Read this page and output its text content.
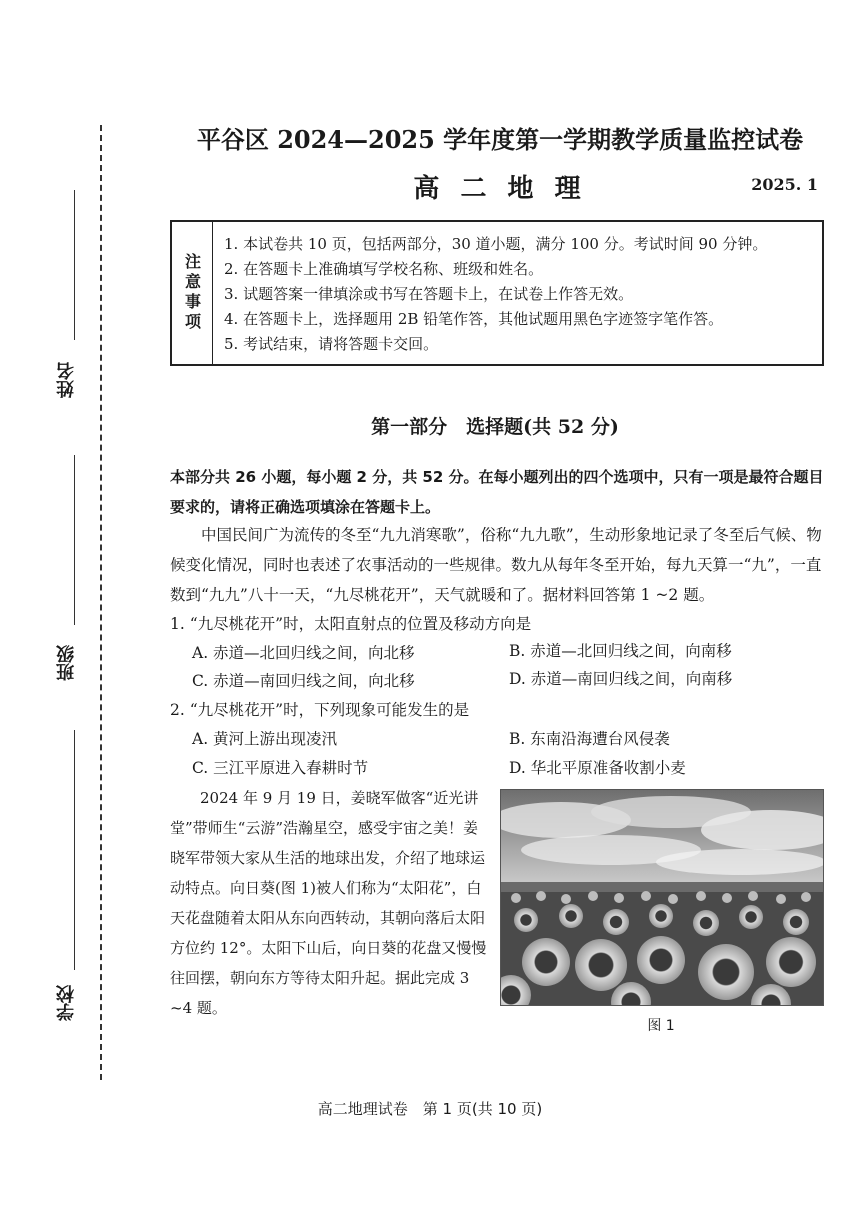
姓名
班级
学校
平谷区 2024—2025 学年度第一学期教学质量监控试卷
高 二 地 理	2025. 1
注意事项
1. 本试卷共 10 页，包括两部分，30 道小题，满分 100 分。考试时间 90 分钟。
2. 在答题卡上准确填写学校名称、班级和姓名。
3. 试题答案一律填涂或书写在答题卡上，在试卷上作答无效。
4. 在答题卡上，选择题用 2B 铅笔作答，其他试题用黑色字迹签字笔作答。
5. 考试结束，请将答题卡交回。
第一部分　选择题(共 52 分)
本部分共 26 小题，每小题 2 分，共 52 分。在每小题列出的四个选项中，只有一项是最符合题目要求的，请将正确选项填涂在答题卡上。
中国民间广为流传的冬至“九九消寒歌”，俗称“九九歌”，生动形象地记录了冬至后气候、物候变化情况，同时也表述了农事活动的一些规律。数九从每年冬至开始，每九天算一“九”，一直数到“九九”八十一天，“九尽桃花开”，天气就暖和了。据材料回答第 1 ~2 题。
1. “九尽桃花开”时，太阳直射点的位置及移动方向是
A. 赤道—北回归线之间，向北移	B. 赤道—北回归线之间，向南移
C. 赤道—南回归线之间，向北移	D. 赤道—南回归线之间，向南移
2. “九尽桃花开”时，下列现象可能发生的是
A. 黄河上游出现凌汛	B. 东南沿海遭台风侵袭
C. 三江平原进入春耕时节	D. 华北平原准备收割小麦
2024 年 9 月 19 日，姜晓军做客“近光讲堂”带师生“云游”浩瀚星空，感受宇宙之美！姜晓军带领大家从生活的地球出发，介绍了地球运动特点。向日葵(图 1)被人们称为“太阳花”，白天花盘随着太阳从东向西转动，其朝向落后太阳方位约 12°。太阳下山后，向日葵的花盘又慢慢往回摆，朝向东方等待太阳升起。据此完成 3 ~4 题。
图 1
高二地理试卷　第 1 页(共 10 页)
